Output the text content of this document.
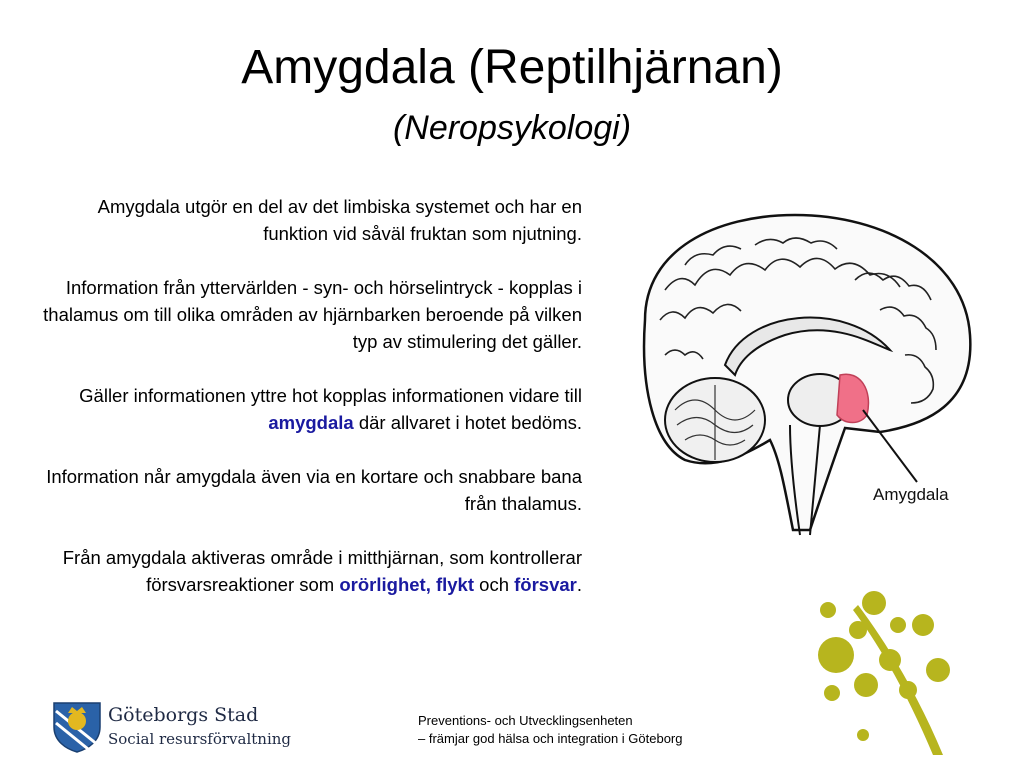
Amygdala (Reptilhjärnan)
(Neropsykologi)

Amygdala utgör en del av det limbiska systemet och har en funktion vid såväl fruktan som njutning.

Information från yttervärlden - syn- och hörselintryck - kopplas i thalamus om till olika områden av hjärnbarken beroende på vilken typ av stimulering det gäller.

Gäller informationen yttre hot kopplas informationen vidare till amygdala där allvaret i hotet bedöms.

Information når amygdala även via en kortare och snabbare bana från thalamus.

Från amygdala aktiveras område i mitthjärnan, som kontrollerar försvarsreaktioner som orörlighet, flykt och försvar.

Amygdala
Göteborgs Stad
Social resursförvaltning
Preventions- och Utvecklingsenheten
– främjar god hälsa och integration i Göteborg
